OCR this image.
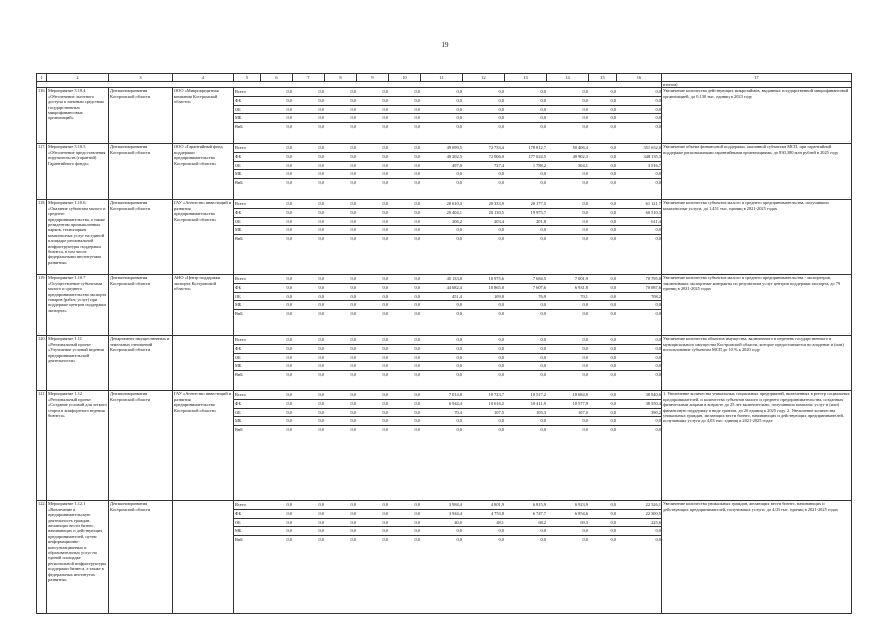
19
1	2	3	4	5	6	7	8	9	10	11	12	13	14	15	16	17
	итогом)
116.	Мероприятие 3.10.4 «Обеспечение льготного доступа к заемным средствам государственных микрофинансовых организаций»	Депэкономразвития Костромской области	ООО «Микрокредитная компания Костромской области»	
Всего	0,0	0,0	0,0	0,0	0,0	0,0	0,0	0,0	0,0	0,0	0,0
ФБ	0,0	0,0	0,0	0,0	0,0	0,0	0,0	0,0	0,0	0,0	0,0
ОБ	0,0	0,0	0,0	0,0	0,0	0,0	0,0	0,0	0,0	0,0	0,0
МБ	0,0	0,0	0,0	0,0	0,0	0,0	0,0	0,0	0,0	0,0	0,0
ВнБ	0,0	0,0	0,0	0,0	0,0	0,0	0,0	0,0	0,0	0,0	0,0
	Увеличение количества действующих микрозаймов, выданных государственной микрофинансовой организацией, до 0,130 тыс. единиц в 2023 году
117.	Мероприятие 3.10.5 «Обеспечение предоставления поручительств (гарантий) Гарантийного фонда»	Депэкономразвития Костромской области	ООО «Гарантийный фонд поддержки предпринимательства Костромской области»	
Всего	0,0	0,0	0,0	0,0	0,0	49 699,5	72 733,4	178 812,7	50 406,4	0,0	351 652,0
ФБ	0,0	0,0	0,0	0,0	0,0	49 202,5	72 006,0	177 024,5	49 902,3	0,0	348 135,3
ОБ	0,0	0,0	0,0	0,0	0,0	497,0	727,4	1 788,2	504,1	0,0	3 516,7
МБ	0,0	0,0	0,0	0,0	0,0	0,0	0,0	0,0	0,0	0,0	0,0
ВнБ	0,0	0,0	0,0	0,0	0,0	0,0	0,0	0,0	0,0	0,0	0,0
	Увеличение объема финансовой поддержки, оказанной субъектам МСП, при гарантийной поддержке региональными гарантийными организациями, до 830,380 млн рублей в 2025 году
118.	Мероприятие 1.10.6. «Оказание субъектам малого и среднего предпринимательства, а также резидентам промышленных парков, технопарков комплексных услуг на единой площадке региональной инфраструктуры поддержки бизнеса, в том числе федеральными институтами развития»	Депэкономразвития Костромской области	ГАУ «Агентство инвестиций и развития предпринимательства Костромской области»	
Всего	0,0	0,0	0,0	0,0	0,0	20 610,3	20 333,9	20 177,5	0,0	0,0	61 121,7
ФБ	0,0	0,0	0,0	0,0	0,0	20 404,1	20 130,5	19 975,7	0,0	0,0	60 510,3
ОБ	0,0	0,0	0,0	0,0	0,0	206,2	203,4	201,8	0,0	0,0	611,4
МБ	0,0	0,0	0,0	0,0	0,0	0,0	0,0	0,0	0,0	0,0	0,0
ВнБ	0,0	0,0	0,0	0,0	0,0	0,0	0,0	0,0	0,0	0,0	0,0
	Увеличение количества субъектов малого и среднего предпринимательства, получивших комплексные услуги, до 1,451 тыс. единиц в 2021-2025 годах
119.	Мероприятие 1.10.7 «Осуществление субъектами малого и среднего предпринимательства экспорта товаров (работ, услуг) при поддержке центров поддержки экспорта»	Депэкономразвития Костромской области	АНО «Центр поддержки экспорта Костромской области»	
Всего	0,0	0,0	0,0	0,0	0,0	45 133,8	10 975,6	7 684,5	7 001,9	0,0	70 795,8
ФБ	0,0	0,0	0,0	0,0	0,0	44 682,4	10 865,8	7 607,6	6 931,8	0,0	70 087,6
ОБ	0,0	0,0	0,0	0,0	0,0	451,4	109,8	76,9	70,1	0,0	708,2
МБ	0,0	0,0	0,0	0,0	0,0	0,0	0,0	0,0	0,0	0,0	0,0
ВнБ	0,0	0,0	0,0	0,0	0,0	0,0	0,0	0,0	0,0	0,0	0,0
	Увеличение количества субъектов малого и среднего предпринимательства - экспортеров, заключивших экспортные контракты по результатам услуг центров поддержки экспорта, до 79 единиц в 2021-2025 годах
120.	Мероприятие 1.11 «Региональный проект «Улучшение условий ведения предпринимательской деятельности»	Департамент имущественных и земельных отношений Костромской области		
Всего	0,0	0,0	0,0	0,0	0,0	0,0	0,0	0,0	0,0	0,0	0,0
ФБ	0,0	0,0	0,0	0,0	0,0	0,0	0,0	0,0	0,0	0,0	0,0
ОБ	0,0	0,0	0,0	0,0	0,0	0,0	0,0	0,0	0,0	0,0	0,0
МБ	0,0	0,0	0,0	0,0	0,0	0,0	0,0	0,0	0,0	0,0	0,0
ВнБ	0,0	0,0	0,0	0,0	0,0	0,0	0,0	0,0	0,0	0,0	0,0
	Увеличение количества объектов имущества, включенного в перечень государственного и муниципального имущества Костромской области, которое предоставляется во владение и (или) использование субъектам МСП до 10 % к 2020 году
121.	Мероприятие 1.12 «Региональный проект «Создание условий для легкого старта и комфортного ведения бизнеса»	Депэкономразвития Костромской области	ГАУ «Агентство инвестиций и развития предпринимательства Костромской области»	
Всего	0,0	0,0	0,0	0,0	0,0	7 014,8	10 723,7	10 517,2	10 684,9	0,0	38 940,6
ФБ	0,0	0,0	0,0	0,0	0,0	6 944,4	10 616,2	10 411,9	10 577,9	0,0	38 550,4
ОБ	0,0	0,0	0,0	0,0	0,0	70,4	107,5	105,3	107,0	0,0	390,2
МБ	0,0	0,0	0,0	0,0	0,0	0,0	0,0	0,0	0,0	0,0	0,0
ВнБ	0,0	0,0	0,0	0,0	0,0	0,0	0,0	0,0	0,0	0,0	0,0
	1. Увеличение количества уникальных социальных предприятий, включенных в реестр социальных предпринимателей, и количества субъектов малого и среднего предпринимательства, созданных физическими лицами в возрасте до 25 лет включительно, получивших комплекс услуг и (или) финансовую поддержку в виде грантов, до 26 единиц к 2025 году. 2. Увеличение количества уникальных граждан, желающих вести бизнес, начинающих и действующих предпринимателей, получивших услуги до 4,03 тыс. единиц в 2021-2025 годах
122.	Мероприятие 1.12.1 «Вовлечение в предпринимательскую деятельность граждан, желающих вести бизнес, начинающих и действующих предпринимателей, путем информационно-консультационных и образовательных услуг на единой площадке региональной инфраструктуры поддержки бизнеса, а также в федеральных институтах развития»	Депэкономразвития Костромской области		
Всего	0,0	0,0	0,0	0,0	0,0	3 984,4	4 801,9	6 815,9	6 923,9	0,0	22 526,1
ФБ	0,0	0,0	0,0	0,0	0,0	3 944,4	4 753,8	6 747,7	6 854,6	0,0	22 300,5
ОБ	0,0	0,0	0,0	0,0	0,0	40,0	48,1	68,2	69,3	0,0	225,6
МБ	0,0	0,0	0,0	0,0	0,0	0,0	0,0	0,0	0,0	0,0	0,0
ВнБ	0,0	0,0	0,0	0,0	0,0	0,0	0,0	0,0	0,0	0,0	0,0
	Увеличение количества уникальных граждан, желающих вести бизнес, начинающих и действующих предпринимателей, получивших услуги, до 4,03 тыс. единиц в 2021-2025 годах
